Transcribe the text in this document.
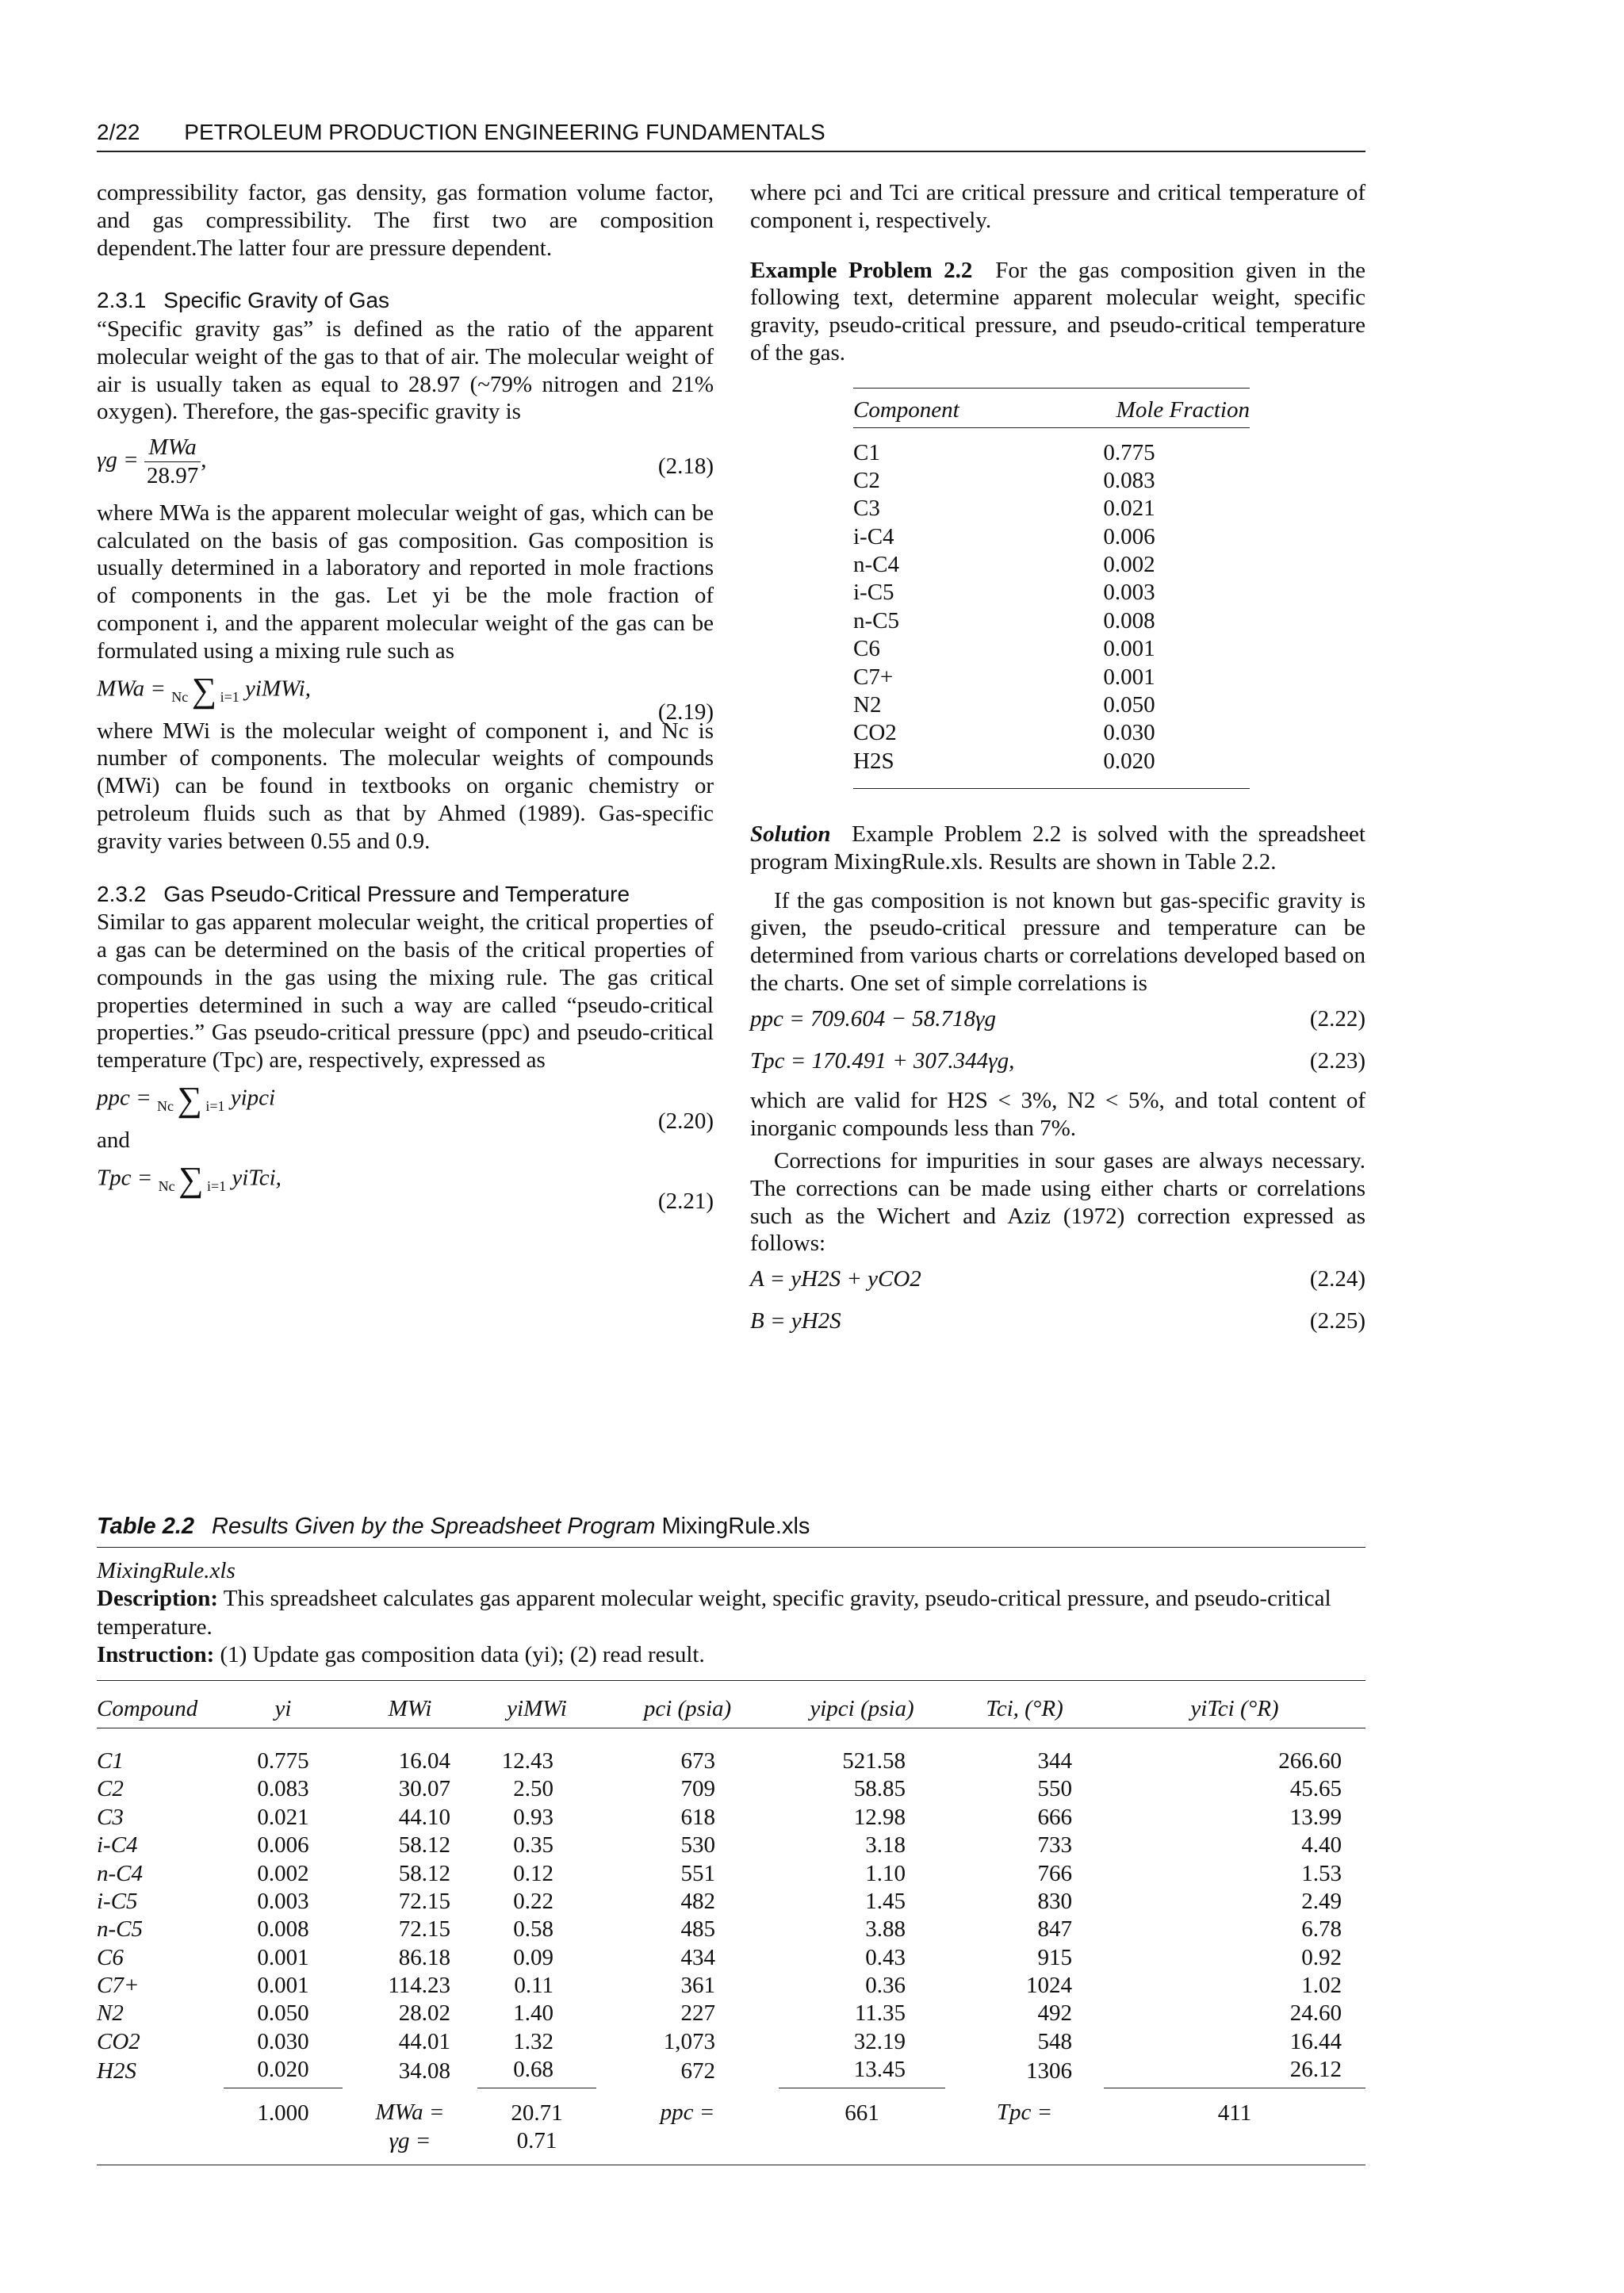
2/22 PETROLEUM PRODUCTION ENGINEERING FUNDAMENTALS

compressibility factor, gas density, gas formation volume factor, and gas compressibility. The first two are composition dependent.The latter four are pressure dependent.

2.3.1 Specific Gravity of Gas

“Specific gravity gas” is defined as the ratio of the apparent molecular weight of the gas to that of air. The molecular weight of air is usually taken as equal to 28.97 (~79% nitrogen and 21% oxygen). Therefore, the gas-specific gravity is

$\gamma g = \frac{\text{MWa}}{28.97}$ ,	(2.18)

where MWa is the apparent molecular weight of gas, which can be calculated on the basis of gas composition. Gas composition is usually determined in a laboratory and reported in mole fractions of components in the gas. Let yi be the mole fraction of component i, and the apparent molecular weight of the gas can be formulated using a mixing rule such as

MWa = Nc ∑ i=1 yiMWi,
(2.19)

where MWi is the molecular weight of component i, and Nc is number of components. The molecular weights of compounds (MWi) can be found in textbooks on organic chemistry or petroleum fluids such as that by Ahmed (1989). Gas-specific gravity varies between 0.55 and 0.9.

2.3.2 Gas Pseudo-Critical Pressure and Temperature

Similar to gas apparent molecular weight, the critical properties of a gas can be determined on the basis of the critical properties of compounds in the gas using the mixing rule. The gas critical properties determined in such a way are called “pseudo-critical properties.” Gas pseudo-critical pressure (ppc) and pseudo-critical temperature (Tpc) are, respectively, expressed as

ppc = Nc ∑ i=1 yipci
(2.20)

and

Tpc = Nc ∑ i=1 yiTci,
(2.21)

where pci and Tci are critical pressure and critical temperature of component i, respectively.

Example Problem 2.2 For the gas composition given in the following text, determine apparent molecular weight, specific gravity, pseudo-critical pressure, and pseudo-critical temperature of the gas.

Component	Mole Fraction
C1	0.775
C2	0.083
C3	0.021
i-C4	0.006
n-C4	0.002
i-C5	0.003
n-C5	0.008
C6	0.001
C7+	0.001
N2	0.050
CO2	0.030
H2S	0.020

Solution Example Problem 2.2 is solved with the spreadsheet program MixingRule.xls. Results are shown in Table 2.2.

If the gas composition is not known but gas-specific gravity is given, the pseudo-critical pressure and temperature can be determined from various charts or correlations developed based on the charts. One set of simple correlations is

ppc = 709.604 − 58.718γg	(2.22)
Tpc = 170.491 + 307.344γg,	(2.23)

which are valid for H2S < 3%, N2 < 5%, and total content of inorganic compounds less than 7%.

Corrections for impurities in sour gases are always necessary. The corrections can be made using either charts or correlations such as the Wichert and Aziz (1972) correction expressed as follows:

A = yH2S + yCO2	(2.24)
B = yH2S	(2.25)
Table 2.2 Results Given by the Spreadsheet Program MixingRule.xls
MixingRule.xls
Description: This spreadsheet calculates gas apparent molecular weight, specific gravity, pseudo-critical pressure, and pseudo-critical temperature.
Instruction: (1) Update gas composition data (yi); (2) read result.
Compound	yi	MWi	yiMWi	pci (psia)	yipci (psia)	Tci, (°R)	yiTci (°R)
C1	0.775	16.04	12.43	673	521.58	344	266.60
C2	0.083	30.07	2.50	709	58.85	550	45.65
C3	0.021	44.10	0.93	618	12.98	666	13.99
i-C4	0.006	58.12	0.35	530	3.18	733	4.40
n-C4	0.002	58.12	0.12	551	1.10	766	1.53
i-C5	0.003	72.15	0.22	482	1.45	830	2.49
n-C5	0.008	72.15	0.58	485	3.88	847	6.78
C6	0.001	86.18	0.09	434	0.43	915	0.92
C7+	0.001	114.23	0.11	361	0.36	1024	1.02
N2	0.050	28.02	1.40	227	11.35	492	24.60
CO2	0.030	44.01	1.32	1,073	32.19	548	16.44
H2S	0.020	34.08	0.68	672	13.45	1306	26.12
	1.000	MWa =	20.71	ppc =	661	Tpc =	411
		γg =	0.71				
